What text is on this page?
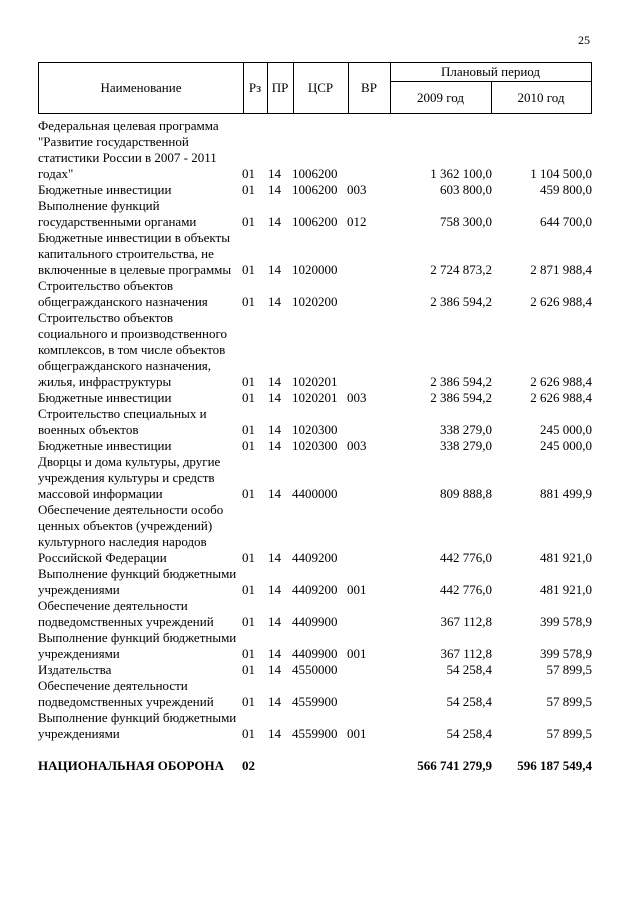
25
Наименование	Рз ПР	ЦСР	ВР
Плановый период
2009 год	2010 год
Федеральная целевая программа "Развитие государственной статистики России в 2007 - 2011 годах"	01	14	1006200		1 362 100,0	1 104 500,0
Бюджетные инвестиции	01	14	1006200	003	603 800,0	459 800,0
Выполнение функций государственными органами	01	14	1006200	012	758 300,0	644 700,0
Бюджетные инвестиции в объекты капитального строительства, не включенные в целевые программы	01	14	1020000		2 724 873,2	2 871 988,4
Строительство объектов общегражданского назначения	01	14	1020200		2 386 594,2	2 626 988,4
Строительство объектов социального и производственного комплексов, в том числе объектов общегражданского назначения, жилья, инфраструктуры	01	14	1020201		2 386 594,2	2 626 988,4
Бюджетные инвестиции	01	14	1020201	003	2 386 594,2	2 626 988,4
Строительство специальных и военных объектов	01	14	1020300		338 279,0	245 000,0
Бюджетные инвестиции	01	14	1020300	003	338 279,0	245 000,0
Дворцы и дома культуры, другие учреждения культуры и средств массовой информации	01	14	4400000		809 888,8	881 499,9
Обеспечение деятельности особо ценных объектов (учреждений) культурного наследия народов Российской Федерации	01	14	4409200		442 776,0	481 921,0
Выполнение функций бюджетными учреждениями	01	14	4409200	001	442 776,0	481 921,0
Обеспечение деятельности подведомственных учреждений	01	14	4409900		367 112,8	399 578,9
Выполнение функций бюджетными учреждениями	01	14	4409900	001	367 112,8	399 578,9
Издательства	01	14	4550000		54 258,4	57 899,5
Обеспечение деятельности подведомственных учреждений	01	14	4559900		54 258,4	57 899,5
Выполнение функций бюджетными учреждениями	01	14	4559900	001	54 258,4	57 899,5

НАЦИОНАЛЬНАЯ ОБОРОНА	02				566 741 279,9	596 187 549,4
